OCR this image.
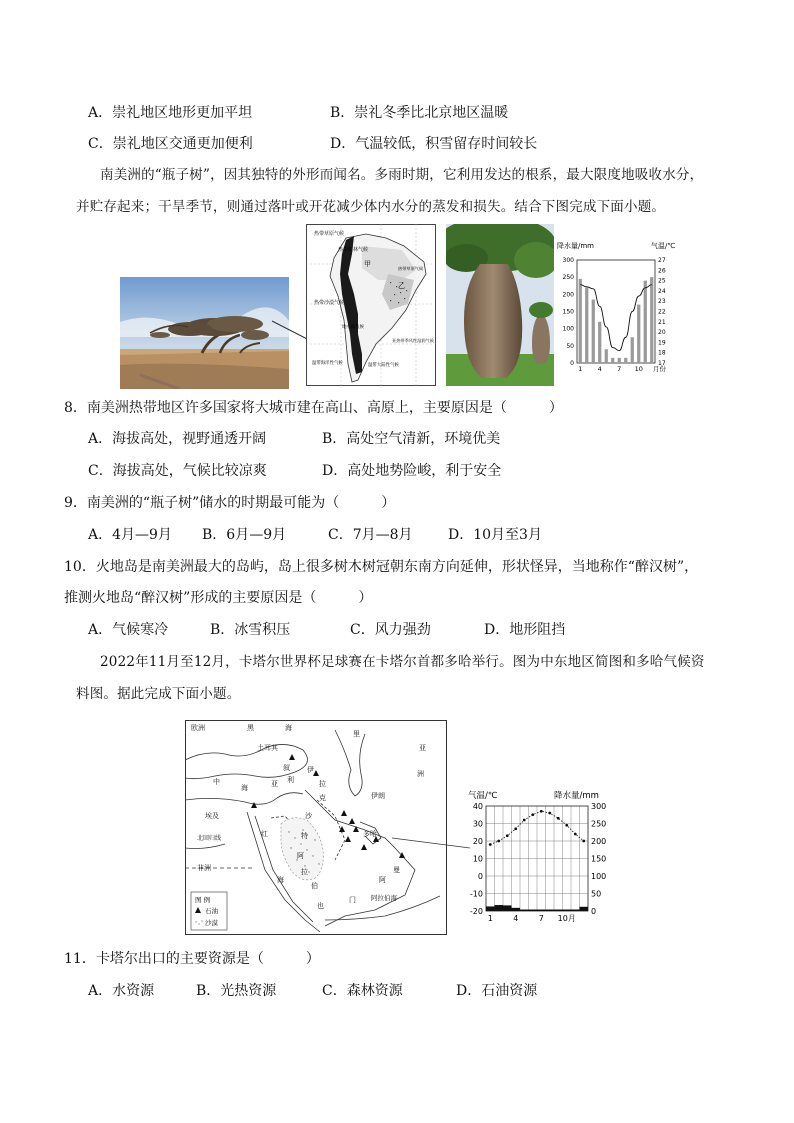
A．崇礼地区地形更加平坦	B．崇礼冬季比北京地区温暖
C．崇礼地区交通更加便利	D．气温较低，积雪留存时间较长
南美洲的“瓶子树”，因其独特的外形而闻名。多雨时期，它利用发达的根系，最大限度地吸收水分，
并贮存起来；干旱季节，则通过落叶或开花减少体内水分的蒸发和损失。结合下图完成下面小题。
热带草原气候
热带雨林气候
甲
乙
热带沙漠气候
亚热带季风性湿润气候
热带草原气候
地中海气候
温带海洋性气候	温带大陆性气候
降水量/mm	气温/℃
300
250
200
150
100
50
0
27
26
25
24
23
22
21
20
19
18
17
1 4 7 10 月份
8．南美洲热带地区许多国家将大城市建在高山、高原上，主要原因是（　　　）
A．海拔高处，视野通透开阔	B．高处空气清新，环境优美
C．海拔高处，气候比较凉爽	D．高处地势险峻，利于安全
9．南美洲的“瓶子树”储水的时期最可能为（　　　）
A．4月—9月 B．6月—9月	C．7月—8月	D．10月至3月
10．火地岛是南美洲最大的岛屿，岛上很多树木树冠朝东南方向延伸，形状怪异，当地称作“醉汉树”，
推测火地岛“醉汉树”形成的主要原因是（　　　）
A．气候寒冷	B．冰雪积压	C．风力强劲	D．地形阻挡
2022年11月至12月，卡塔尔世界杯足球赛在卡塔尔首都多哈举行。图为中东地区简图和多哈气候资
料图。据此完成下面小题。
欧洲	黑	海
里
亚
土耳其
洲
叙 伊
利	拉
亚
克	伊朗
中
海
沙
特
埃及
红	多哈
北回归线
阿
拉
伯
非洲
海
曼
也
门
阿
阿拉伯海
图 例
石油
沙漠
气温/℃	降水量/mm
40
30
20
10
0
-10
-20
300
250
200
150
100
50
0
1	4	7 10月
11．卡塔尔出口的主要资源是（　　　）
A．水资源	B．光热资源	C．森林资源	D．石油资源
